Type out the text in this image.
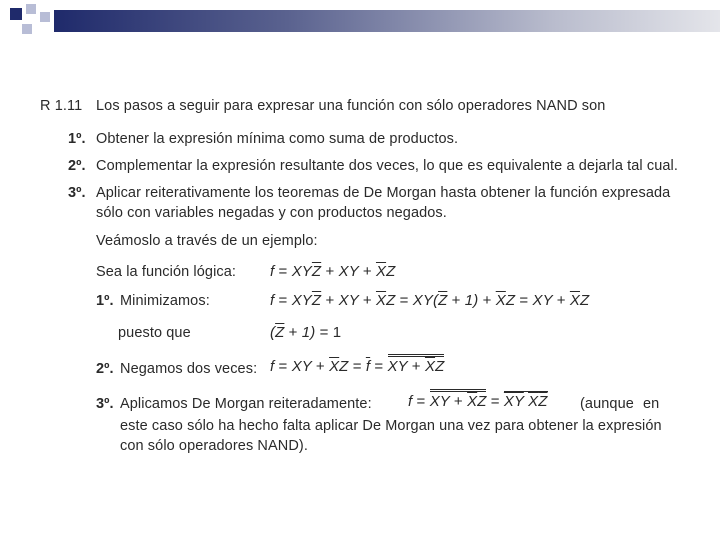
R 1.11 Los pasos a seguir para expresar una función con sólo operadores NAND son
1º. Obtener la expresión mínima como suma de productos.
2º. Complementar la expresión resultante dos veces, lo que es equivalente a dejarla tal cual.
3º. Aplicar reiterativamente los teoremas de De Morgan hasta obtener la función expresada
sólo con variables negadas y con productos negados.
Veámoslo a través de un ejemplo:
Sea la función lógica: $f = XY\overline{Z}$ + XY + $\overline{X}Z$
1º. Minimizamos:	$f = XY\overline{Z}$ + XY + $\overline{X}Z = XY(\overline{Z} + 1) + \overline{X}Z$ = XY + $\overline{X}Z$
puesto que	$(\overline{Z} + 1) = 1$
2º. Negamos dos veces: f = XY + $\overline{X}Z = \overline{f}$ = XY + $\overline{X}Z$
3º. Aplicamos De Morgan reiteradamente: f = XY + $\overline{X}Z = \overline{XY}$ XZ (aunque en
este caso sólo ha hecho falta aplicar De Morgan una vez para obtener la expresión
con sólo operadores NAND).
